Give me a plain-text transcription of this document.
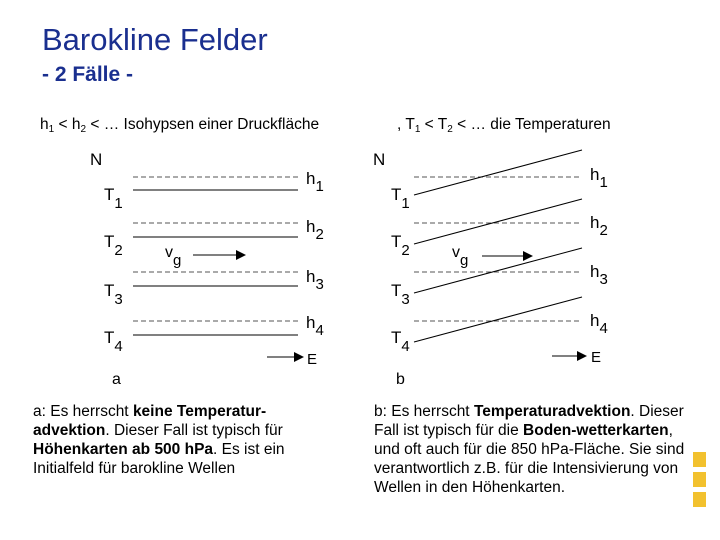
Barokline Felder
- 2 Fälle -
$h_1 < h_2$ < … Isohypsen einer Druckfläche	, $T_1 < T_2$ < … die Temperaturen
N
T1
T2
T3
T4
h1
h2
h3
h4
vg
E
a
N
T1
T2
T3
T4
h1
h2
h3
h4
vg
E
b
a: Es herrscht keine Temperatur-advektion. Dieser Fall ist typisch für Höhenkarten ab 500 hPa. Es ist ein Initialfeld für barokline Wellen
b: Es herrscht Temperaturadvektion. Dieser Fall ist typisch für die Boden-wetterkarten, und oft auch für die 850 hPa-Fläche. Sie sind verantwortlich z.B. für die Intensivierung von Wellen in den Höhenkarten.
